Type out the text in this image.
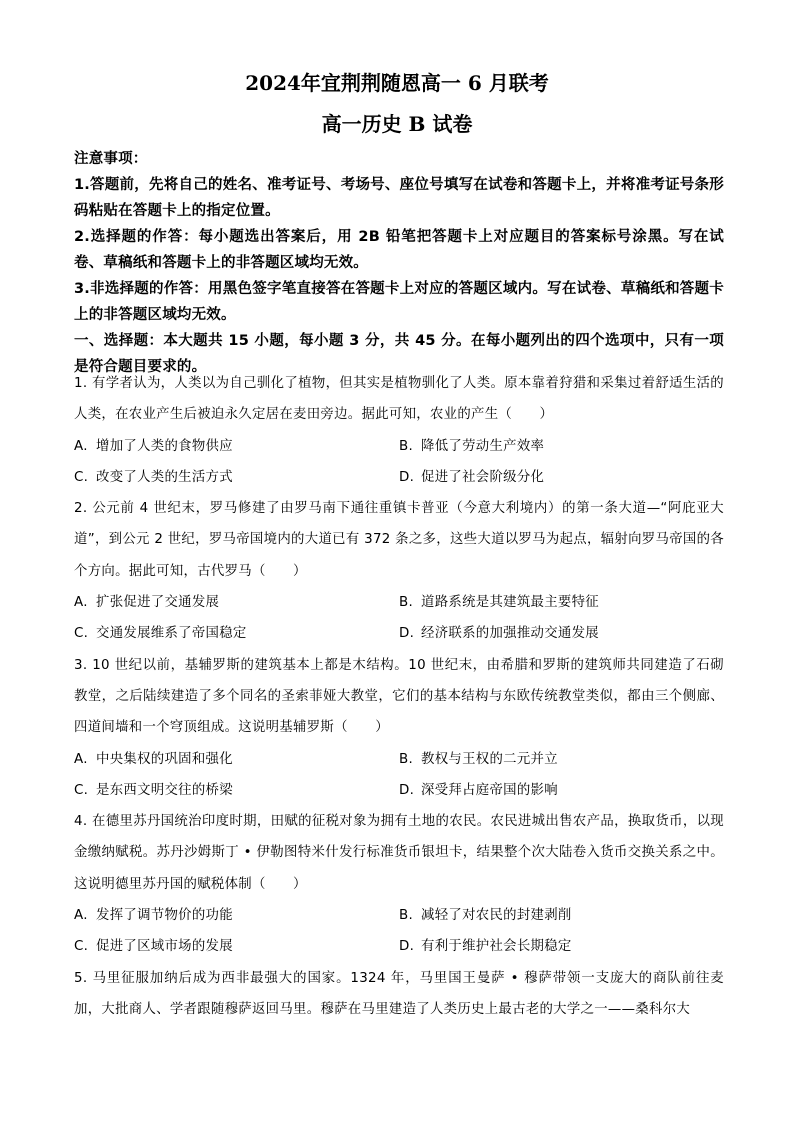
2024年宜荆荆随恩高一 6 月联考
高一历史 B 试卷

注意事项：

1.答题前，先将自己的姓名、准考证号、考场号、座位号填写在试卷和答题卡上，并将准考证号条形码粘贴在答题卡上的指定位置。

2.选择题的作答：每小题选出答案后，用 2B 铅笔把答题卡上对应题目的答案标号涂黑。写在试卷、草稿纸和答题卡上的非答题区域均无效。

3.非选择题的作答：用黑色签字笔直接答在答题卡上对应的答题区域内。写在试卷、草稿纸和答题卡上的非答题区域均无效。

一、选择题：本大题共 15 小题，每小题 3 分，共 45 分。在每小题列出的四个选项中，只有一项是符合题目要求的。

1. 有学者认为，人类以为自己驯化了植物，但其实是植物驯化了人类。原本靠着狩猎和采集过着舒适生活的人类，在农业产生后被迫永久定居在麦田旁边。据此可知，农业的产生（　　）

A. 增加了人类的食物供应	B. 降低了劳动生产效率
C. 改变了人类的生活方式	D. 促进了社会阶级分化

2. 公元前 4 世纪末，罗马修建了由罗马南下通往重镇卡普亚（今意大利境内）的第一条大道—“阿庇亚大道”，到公元 2 世纪，罗马帝国境内的大道已有 372 条之多，这些大道以罗马为起点，辐射向罗马帝国的各个方向。据此可知，古代罗马（　　）

A. 扩张促进了交通发展	B. 道路系统是其建筑最主要特征
C. 交通发展维系了帝国稳定	D. 经济联系的加强推动交通发展

3. 10 世纪以前，基辅罗斯的建筑基本上都是木结构。10 世纪末，由希腊和罗斯的建筑师共同建造了石砌教堂，之后陆续建造了多个同名的圣索菲娅大教堂，它们的基本结构与东欧传统教堂类似，都由三个侧廊、四道间墙和一个穹顶组成。这说明基辅罗斯（　　）

A. 中央集权的巩固和强化	B. 教权与王权的二元并立
C. 是东西文明交往的桥梁	D. 深受拜占庭帝国的影响

4. 在德里苏丹国统治印度时期，田赋的征税对象为拥有土地的农民。农民进城出售农产品，换取货币，以现金缴纳赋税。苏丹沙姆斯丁 • 伊勒图特米什发行标准货币银坦卡，结果整个次大陆卷入货币交换关系之中。这说明德里苏丹国的赋税体制（　　）

A. 发挥了调节物价的功能	B. 减轻了对农民的封建剥削
C. 促进了区域市场的发展	D. 有利于维护社会长期稳定

5. 马里征服加纳后成为西非最强大的国家。1324 年，马里国王曼萨 • 穆萨带领一支庞大的商队前往麦加，大批商人、学者跟随穆萨返回马里。穆萨在马里建造了人类历史上最古老的大学之一——桑科尔大
